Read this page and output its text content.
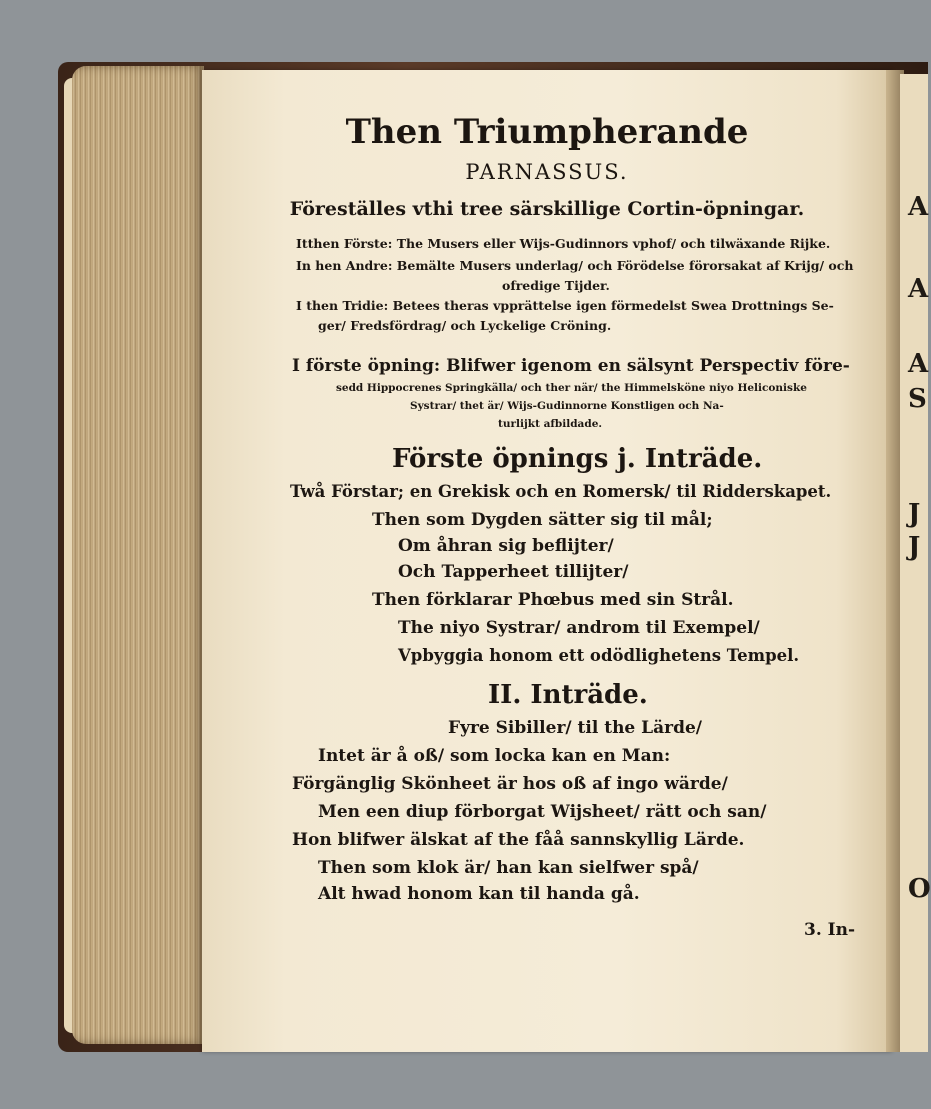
A
A
A
S
J
J
O
Then Triumpherande
PARNASSUS.
Föreställes vthi tree särskillige Cortin-öpningar.
Itthen Förste: The Musers eller Wijs-Gudinnors vphof/ och tilwäxande Rijke.
In hen Andre: Bemälte Musers underlag/ och Förödelse förorsakat af Krijg/ och
ofredige Tijder.
I then Tridie: Betees theras vpprättelse igen förmedelst Swea Drottnings Se-
ger/ Fredsfördrag/ och Lyckelige Cröning.
I förste öpning: Blifwer igenom en sälsynt Perspectiv före-
sedd Hippocrenes Springkälla/ och ther när/ the Himmelsköne niyo Heliconiske
Systrar/ thet är/ Wijs-Gudinnorne Konstligen och Na-
turlijkt afbildade.
Förste öpnings j. Inträde.
Twå Förstar; en Grekisk och en Romersk/ til Ridderskapet.
Then som Dygden sätter sig til mål;
Om åhran sig beflijter/
Och Tapperheet tillijter/
Then förklarar Phœbus med sin Strål.
The niyo Systrar/ androm til Exempel/
Vpbyggia honom ett odödlighetens Tempel.
II. Inträde.
Fyre Sibiller/ til the Lärde/
Intet är å oß/ som locka kan en Man:
Förgänglig Skönheet är hos oß af ingo wärde/
Men een diup förborgat Wijsheet/ rätt och san/
Hon blifwer älskat af the fåå sannskyllig Lärde.
Then som klok är/ han kan sielfwer spå/
Alt hwad honom kan til handa gå.
3. In-
